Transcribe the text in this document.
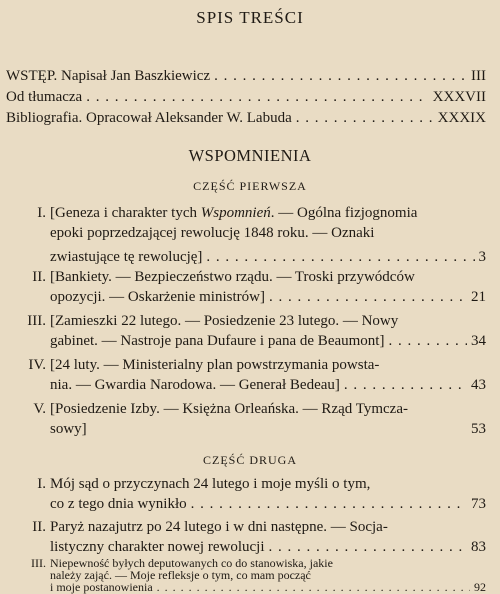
SPIS TREŚCI
WSTĘP. Napisał Jan Baszkiewicz . . .	III
Od tłumacza . . .	XXXVII
Bibliografia. Opracował Aleksander W. Labuda . . .	XXXIX
WSPOMNIENIA
CZĘŚĆ PIERWSZA
I. [Geneza i charakter tych Wspomnień. — Ogólna fizjognomia
epoki poprzedzającej rewolucję 1848 roku. — Oznaki
zwiastujące tę rewolucję] . . .	3
II. [Bankiety. — Bezpieczeństwo rządu. — Troski przywódców
opozycji. — Oskarżenie ministrów] . . .	21
III. [Zamieszki 22 lutego. — Posiedzenie 23 lutego. — Nowy
gabinet. — Nastroje pana Dufaure i pana de Beaumont] . . .	34
IV. [24 luty. — Ministerialny plan powstrzymania powsta-
nia. — Gwardia Narodowa. — Generał Bedeau] . . .	43
V. [Posiedzenie Izby. — Księżna Orleańska. — Rząd Tymcza-
sowy]	53
CZĘŚĆ DRUGA
I. Mój sąd o przyczynach 24 lutego i moje myśli o tym,
co z tego dnia wynikło . . .	73
II. Paryż nazajutrz po 24 lutego i w dni następne. — Socja-
listyczny charakter nowej rewolucji . . .	83
III. Niepewność byłych deputowanych co do stanowiska, jakie
należy zająć. — Moje refleksje o tym, co mam począć
i moje postanowienia . . .	92
